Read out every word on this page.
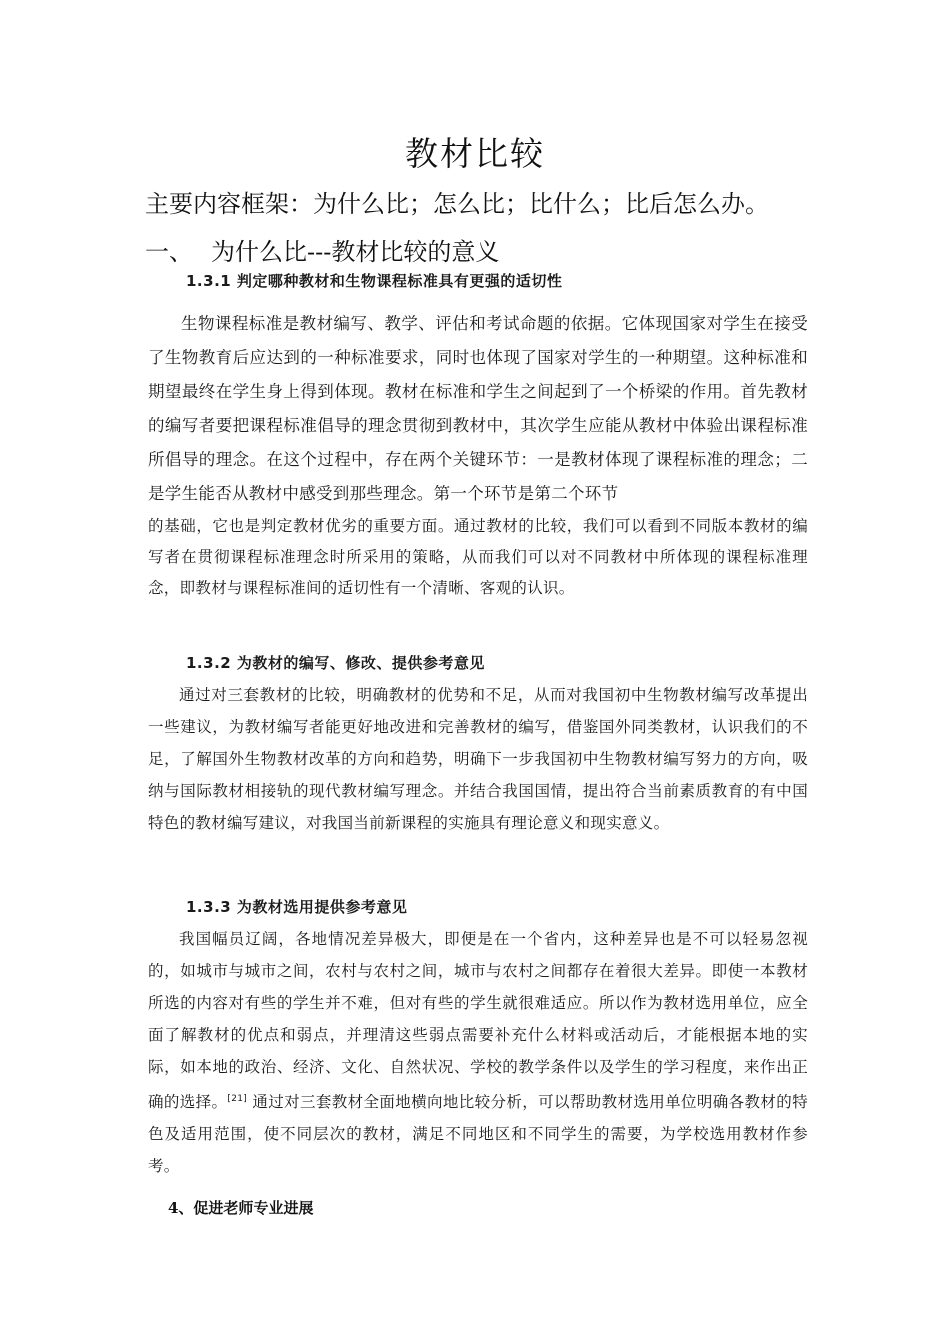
教材比较
主要内容框架：为什么比；怎么比；比什么；比后怎么办。
一、 为什么比---教材比较的意义
1.3.1 判定哪种教材和生物课程标准具有更强的适切性

生物课程标准是教材编写、教学、评估和考试命题的依据。它体现国家对学生在接受了生物教育后应达到的一种标准要求，同时也体现了国家对学生的一种期望。这种标准和期望最终在学生身上得到体现。教材在标准和学生之间起到了一个桥梁的作用。首先教材的编写者要把课程标准倡导的理念贯彻到教材中，其次学生应能从教材中体验出课程标准所倡导的理念。在这个过程中，存在两个关键环节：一是教材体现了课程标准的理念；二是学生能否从教材中感受到那些理念。第一个环节是第二个环节

的基础，它也是判定教材优劣的重要方面。通过教材的比较，我们可以看到不同版本教材的编写者在贯彻课程标准理念时所采用的策略，从而我们可以对不同教材中所体现的课程标准理念，即教材与课程标准间的适切性有一个清晰、客观的认识。

1.3.2 为教材的编写、修改、提供参考意见

通过对三套教材的比较，明确教材的优势和不足，从而对我国初中生物教材编写改革提出一些建议，为教材编写者能更好地改进和完善教材的编写，借鉴国外同类教材，认识我们的不足，了解国外生物教材改革的方向和趋势，明确下一步我国初中生物教材编写努力的方向，吸纳与国际教材相接轨的现代教材编写理念。并结合我国国情，提出符合当前素质教育的有中国特色的教材编写建议，对我国当前新课程的实施具有理论意义和现实意义。

1.3.3 为教材选用提供参考意见

我国幅员辽阔，各地情况差异极大，即便是在一个省内，这种差异也是不可以轻易忽视的，如城市与城市之间，农村与农村之间，城市与农村之间都存在着很大差异。即使一本教材所选的内容对有些的学生并不难，但对有些的学生就很难适应。所以作为教材选用单位，应全面了解教材的优点和弱点，并理清这些弱点需要补充什么材料或活动后，才能根据本地的实际，如本地的政治、经济、文化、自然状况、学校的教学条件以及学生的学习程度，来作出正确的选择。[21] 通过对三套教材全面地横向地比较分析，可以帮助教材选用单位明确各教材的特色及适用范围，使不同层次的教材，满足不同地区和不同学生的需要，为学校选用教材作参考。

4、促进老师专业进展
